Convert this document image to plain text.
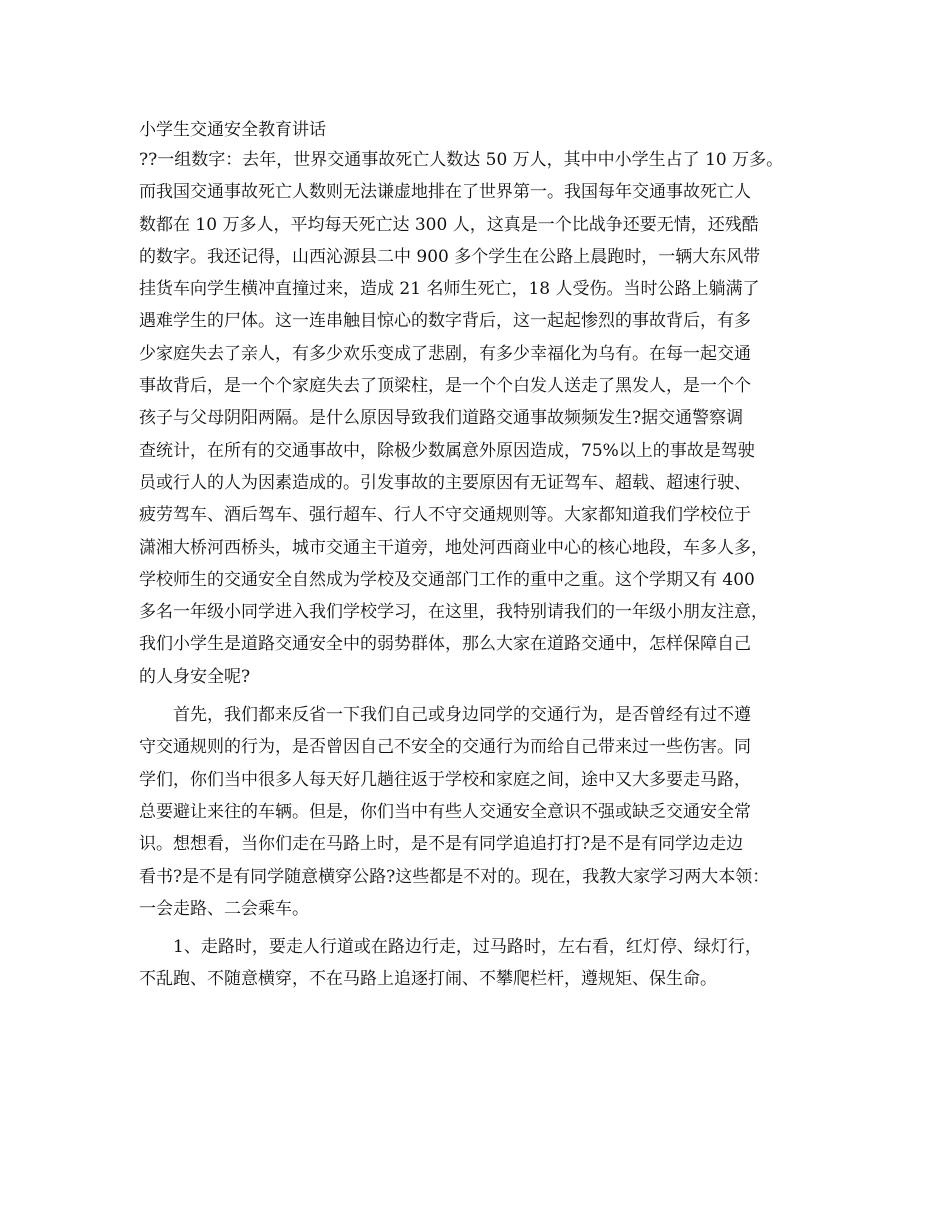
小学生交通安全教育讲话
??一组数字：去年，世界交通事故死亡人数达 50 万人，其中中小学生占了 10 万多。
而我国交通事故死亡人数则无法谦虚地排在了世界第一。我国每年交通事故死亡人
数都在 10 万多人，平均每天死亡达 300 人，这真是一个比战争还要无情，还残酷
的数字。我还记得，山西沁源县二中 900 多个学生在公路上晨跑时，一辆大东风带
挂货车向学生横冲直撞过来，造成 21 名师生死亡，18 人受伤。当时公路上躺满了
遇难学生的尸体。这一连串触目惊心的数字背后，这一起起惨烈的事故背后，有多
少家庭失去了亲人，有多少欢乐变成了悲剧，有多少幸福化为乌有。在每一起交通
事故背后，是一个个家庭失去了顶梁柱，是一个个白发人送走了黑发人，是一个个
孩子与父母阴阳两隔。是什么原因导致我们道路交通事故频频发生?据交通警察调
查统计，在所有的交通事故中，除极少数属意外原因造成，75%以上的事故是驾驶
员或行人的人为因素造成的。引发事故的主要原因有无证驾车、超载、超速行驶、
疲劳驾车、酒后驾车、强行超车、行人不守交通规则等。大家都知道我们学校位于
潇湘大桥河西桥头，城市交通主干道旁，地处河西商业中心的核心地段，车多人多，
学校师生的交通安全自然成为学校及交通部门工作的重中之重。这个学期又有 400
多名一年级小同学进入我们学校学习，在这里，我特别请我们的一年级小朋友注意，
我们小学生是道路交通安全中的弱势群体，那么大家在道路交通中，怎样保障自己
的人身安全呢?
首先，我们都来反省一下我们自己或身边同学的交通行为，是否曾经有过不遵
守交通规则的行为，是否曾因自己不安全的交通行为而给自己带来过一些伤害。同
学们，你们当中很多人每天好几趟往返于学校和家庭之间，途中又大多要走马路，
总要避让来往的车辆。但是，你们当中有些人交通安全意识不强或缺乏交通安全常
识。想想看，当你们走在马路上时，是不是有同学追追打打?是不是有同学边走边
看书?是不是有同学随意横穿公路?这些都是不对的。现在，我教大家学习两大本领：
一会走路、二会乘车。
1、走路时，要走人行道或在路边行走，过马路时，左右看，红灯停、绿灯行，
不乱跑、不随意横穿，不在马路上追逐打闹、不攀爬栏杆，遵规矩、保生命。
